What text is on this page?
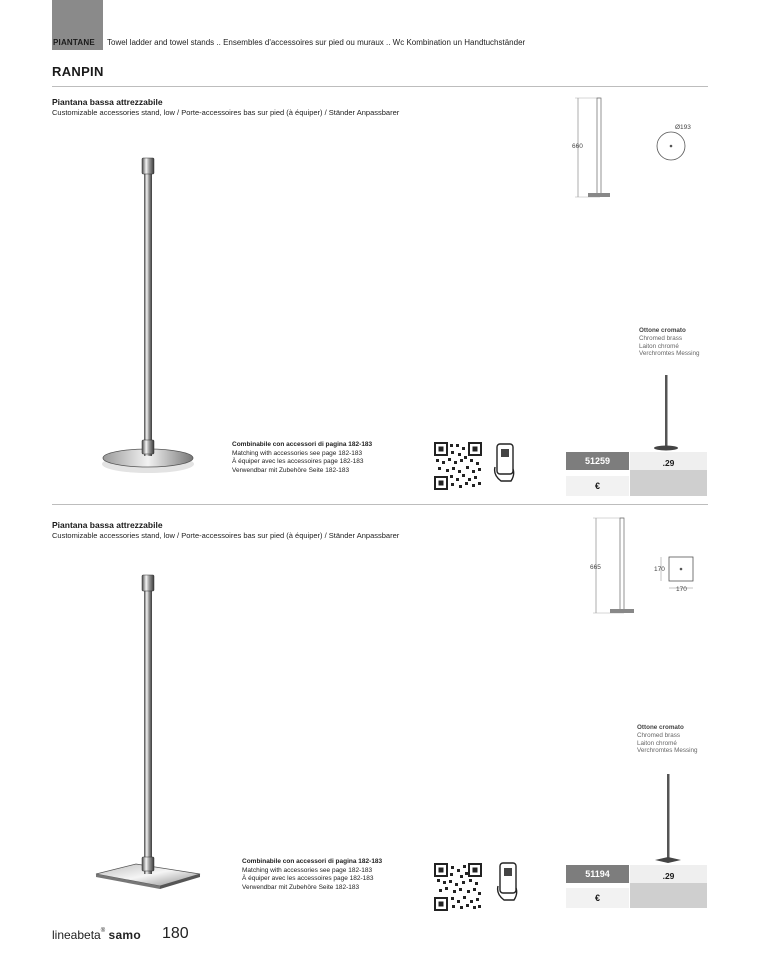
PIANTANE Towel ladder and towel stands .. Ensembles d'accessoires sur pied ou muraux .. Wc Kombination un Handtuchständer
RANPIN
Piantana bassa attrezzabile
Customizable accessories stand, low / Porte-accessoires bas sur pied (à équiper) / Ständer Anpassbarer
660
Ø193
Ottone cromato
Chromed brass
Laiton chromé
Verchromtes Messing
Combinabile con accessori di pagina 182-183
Matching with accessories see page 182-183
À équiper avec les accessoires page 182-183
Verwendbar mit Zubehöre Seite 182-183
51259	.29
€
Piantana bassa attrezzabile
Customizable accessories stand, low / Porte-accessoires bas sur pied (à équiper) / Ständer Anpassbarer
665	170
170
Ottone cromato
Chromed brass
Laiton chromé
Verchromtes Messing
Combinabile con accessori di pagina 182-183
Matching with accessories see page 182-183
À équiper avec les accessoires page 182-183
Verwendbar mit Zubehöre Seite 182-183
51194	.29
€
lineabeta® samo 180
